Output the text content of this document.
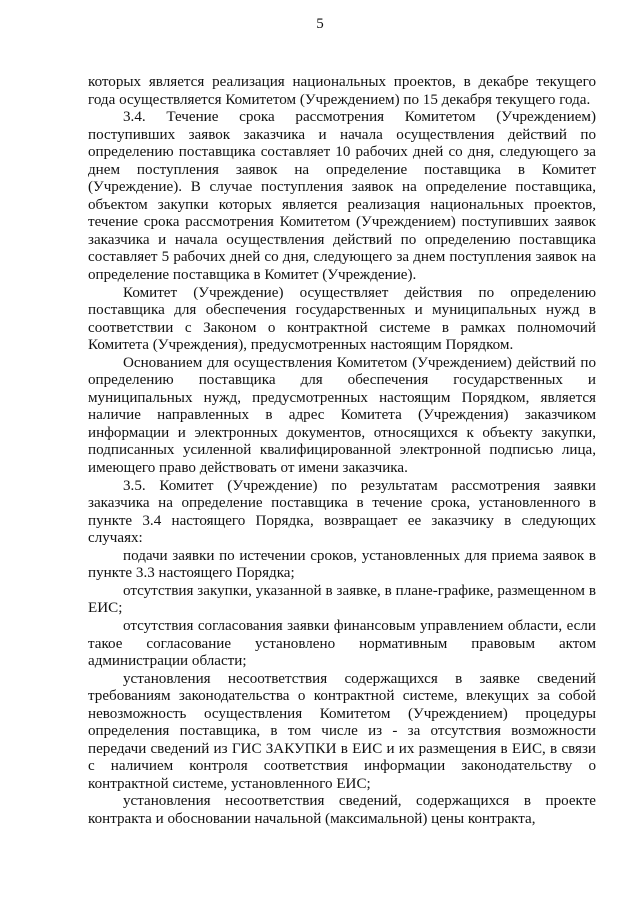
5

которых является реализация национальных проектов, в декабре текущего года осуществляется Комитетом (Учреждением) по 15 декабря текущего года.

3.4. Течение срока рассмотрения Комитетом (Учреждением) поступивших заявок заказчика и начала осуществления действий по определению поставщика составляет 10 рабочих дней со дня, следующего за днем поступления заявок на определение поставщика в Комитет (Учреждение). В случае поступления заявок на определение поставщика, объектом закупки которых является реализация национальных проектов, течение срока рассмотрения Комитетом (Учреждением) поступивших заявок заказчика и начала осуществления действий по определению поставщика составляет 5 рабочих дней со дня, следующего за днем поступления заявок на определение поставщика в Комитет (Учреждение).

Комитет (Учреждение) осуществляет действия по определению поставщика для обеспечения государственных и муниципальных нужд в соответствии с Законом о контрактной системе в рамках полномочий Комитета (Учреждения), предусмотренных настоящим Порядком.

Основанием для осуществления Комитетом (Учреждением) действий по определению поставщика для обеспечения государственных и муниципальных нужд, предусмотренных настоящим Порядком, является наличие направленных в адрес Комитета (Учреждения) заказчиком информации и электронных документов, относящихся к объекту закупки, подписанных усиленной квалифицированной электронной подписью лица, имеющего право действовать от имени заказчика.

3.5. Комитет (Учреждение) по результатам рассмотрения заявки заказчика на определение поставщика в течение срока, установленного в пункте 3.4 настоящего Порядка, возвращает ее заказчику в следующих случаях:

подачи заявки по истечении сроков, установленных для приема заявок в пункте 3.3 настоящего Порядка;

отсутствия закупки, указанной в заявке, в плане-графике, размещенном в ЕИС;

отсутствия согласования заявки финансовым управлением области, если такое согласование установлено нормативным правовым актом администрации области;

установления несоответствия содержащихся в заявке сведений требованиям законодательства о контрактной системе, влекущих за собой невозможность осуществления Комитетом (Учреждением) процедуры определения поставщика, в том числе из - за отсутствия возможности передачи сведений из ГИС ЗАКУПКИ в ЕИС и их размещения в ЕИС, в связи с наличием контроля соответствия информации законодательству о контрактной системе, установленного ЕИС;

установления несоответствия сведений, содержащихся в проекте контракта и обосновании начальной (максимальной) цены контракта,
